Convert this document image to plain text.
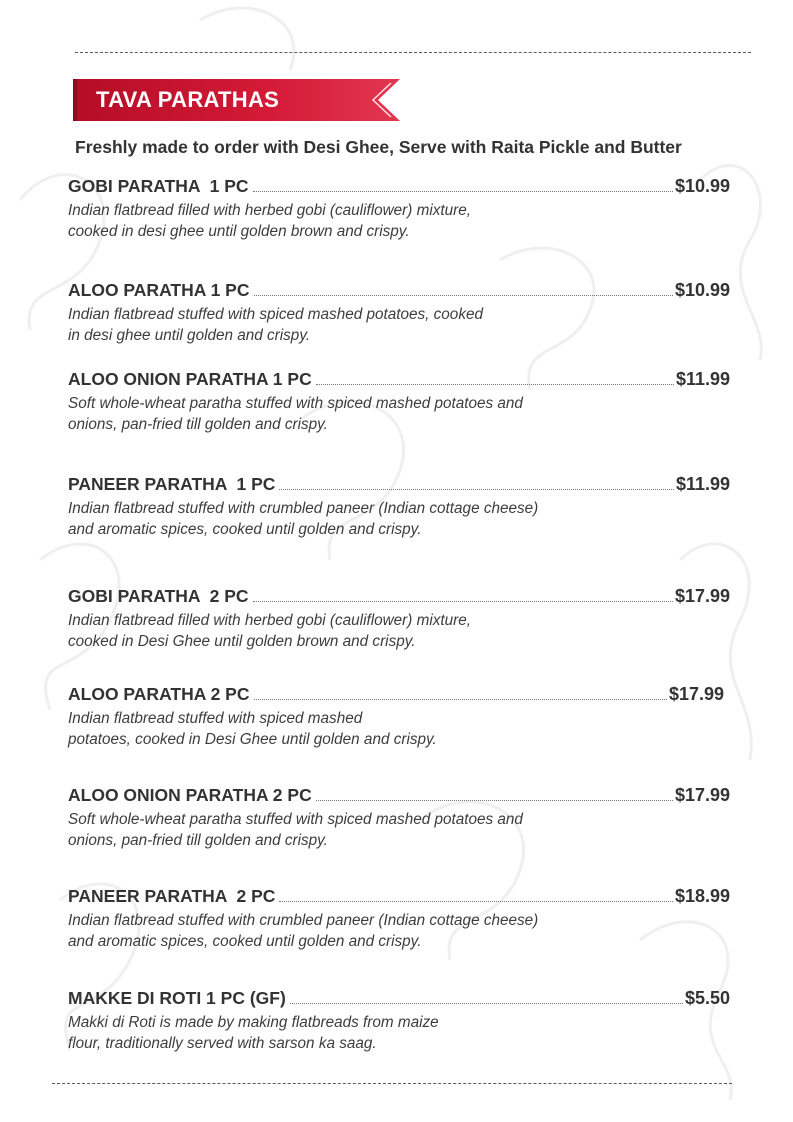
TAVA PARATHAS
Freshly made to order with Desi Ghee, Serve with Raita Pickle and Butter
GOBI PARATHA  1 PC	$10.99
Indian flatbread filled with herbed gobi (cauliflower) mixture,
cooked in desi ghee until golden brown and crispy.
ALOO PARATHA 1 PC	$10.99
Indian flatbread stuffed with spiced mashed potatoes, cooked
in desi ghee until golden and crispy.
ALOO ONION PARATHA 1 PC	$11.99
Soft whole-wheat paratha stuffed with spiced mashed potatoes and
onions, pan-fried till golden and crispy.
PANEER PARATHA  1 PC	$11.99
Indian flatbread stuffed with crumbled paneer (Indian cottage cheese)
and aromatic spices, cooked until golden and crispy.
GOBI PARATHA  2 PC	$17.99
Indian flatbread filled with herbed gobi (cauliflower) mixture,
cooked in Desi Ghee until golden brown and crispy.
ALOO PARATHA 2 PC	$17.99
Indian flatbread stuffed with spiced mashed
potatoes, cooked in Desi Ghee until golden and crispy.
ALOO ONION PARATHA 2 PC	$17.99
Soft whole-wheat paratha stuffed with spiced mashed potatoes and
onions, pan-fried till golden and crispy.
PANEER PARATHA  2 PC	$18.99
Indian flatbread stuffed with crumbled paneer (Indian cottage cheese)
and aromatic spices, cooked until golden and crispy.
MAKKE DI ROTI 1 PC (GF)	$5.50
Makki di Roti is made by making flatbreads from maize
flour, traditionally served with sarson ka saag.
